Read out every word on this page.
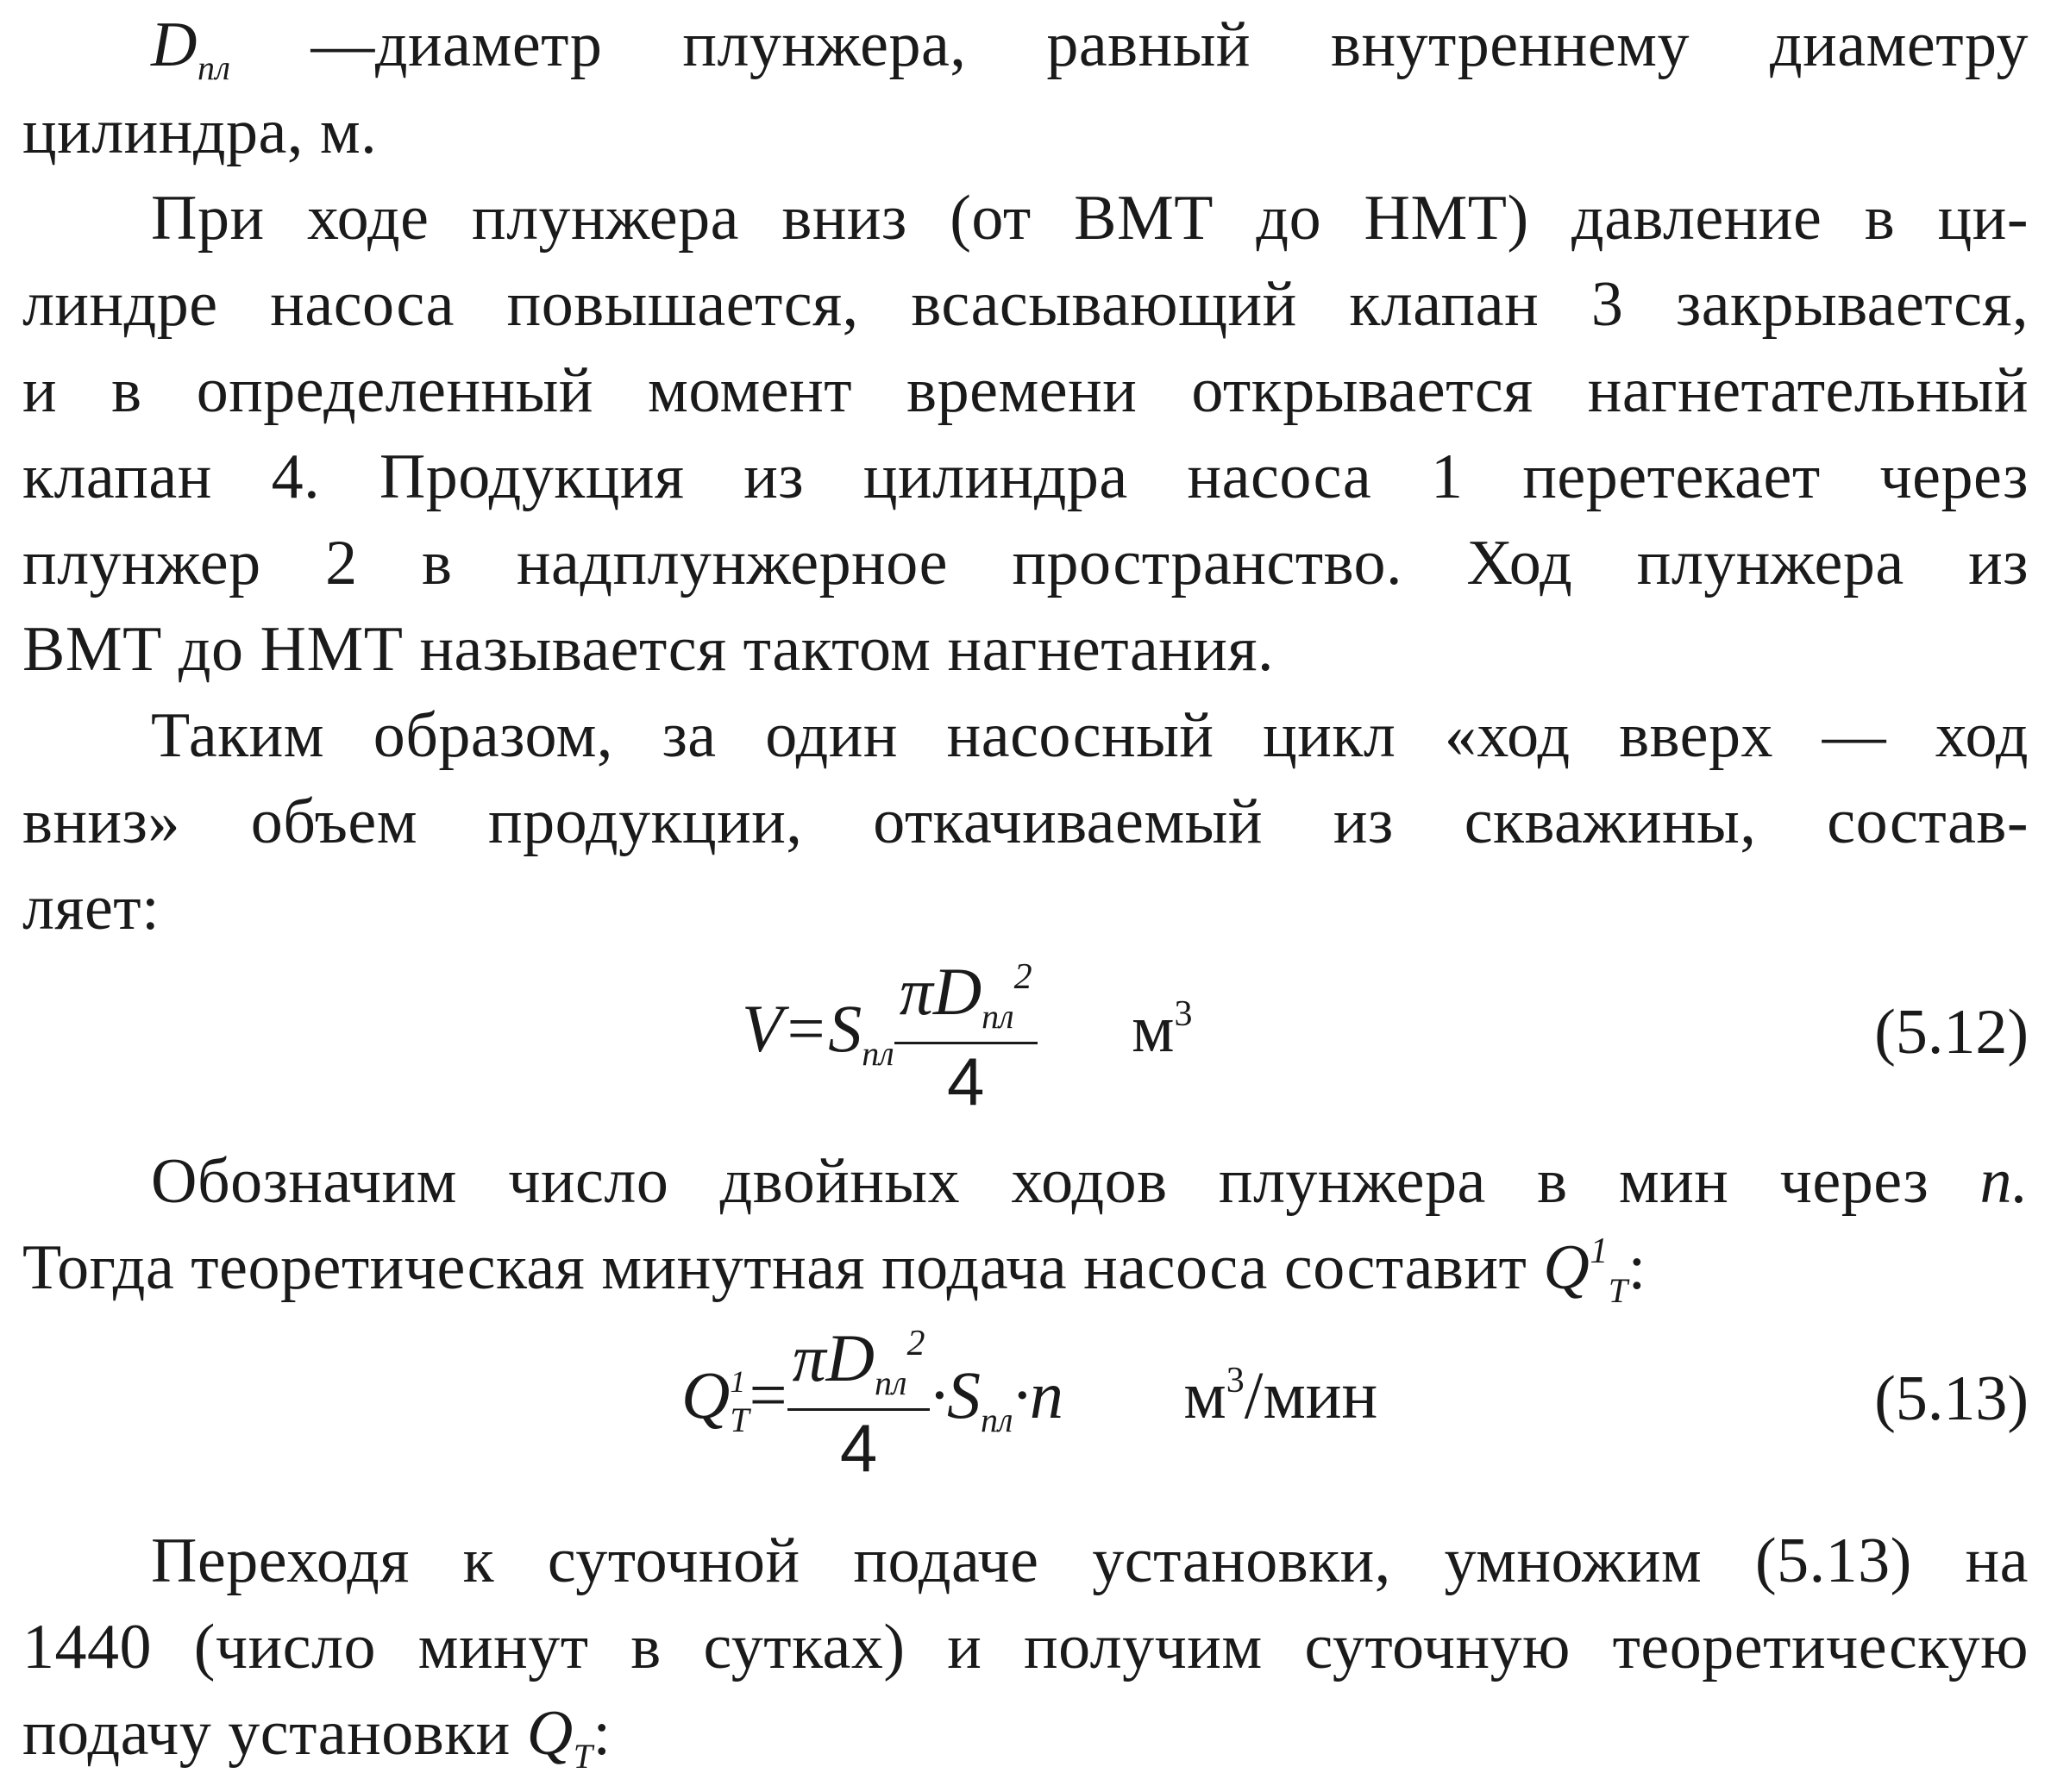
$D_{пл}$ —диаметр плунжера, равный внутреннему диаметру
цилиндра, м.
При ходе плунжера вниз (от ВМТ до НМТ) давление в ци-
линдре насоса повышается, всасывающий клапан 3 закрывается,
и в определенный момент времени открывается нагнетательный
клапан 4. Продукция из цилиндра насоса 1 перетекает через
плунжер 2 в надплунжерное пространство. Ход плунжера из
ВМТ до НМТ называется тактом нагнетания.
Таким образом, за один насосный цикл «ход вверх — ход
вниз» объем продукции, откачиваемый из скважины, состав-
ляет:
$V=S_{пл} \frac{\pi D_{пл}^2}{4} м^3$	(5.12)
Обозначим число двойных ходов плунжера в мин через n.
Тогда теоретическая минутная подача насоса составит $Q^1_T$:
$Q^1_T= \frac{\pi D_{пл}^2}{4} \cdot S_{пл}\cdot n$ $м^3$/мин	(5.13)
Переходя к суточной подаче установки, умножим (5.13) на
1440 (число минут в сутках) и получим суточную теоретическую
подачу установки $Q_T$:
